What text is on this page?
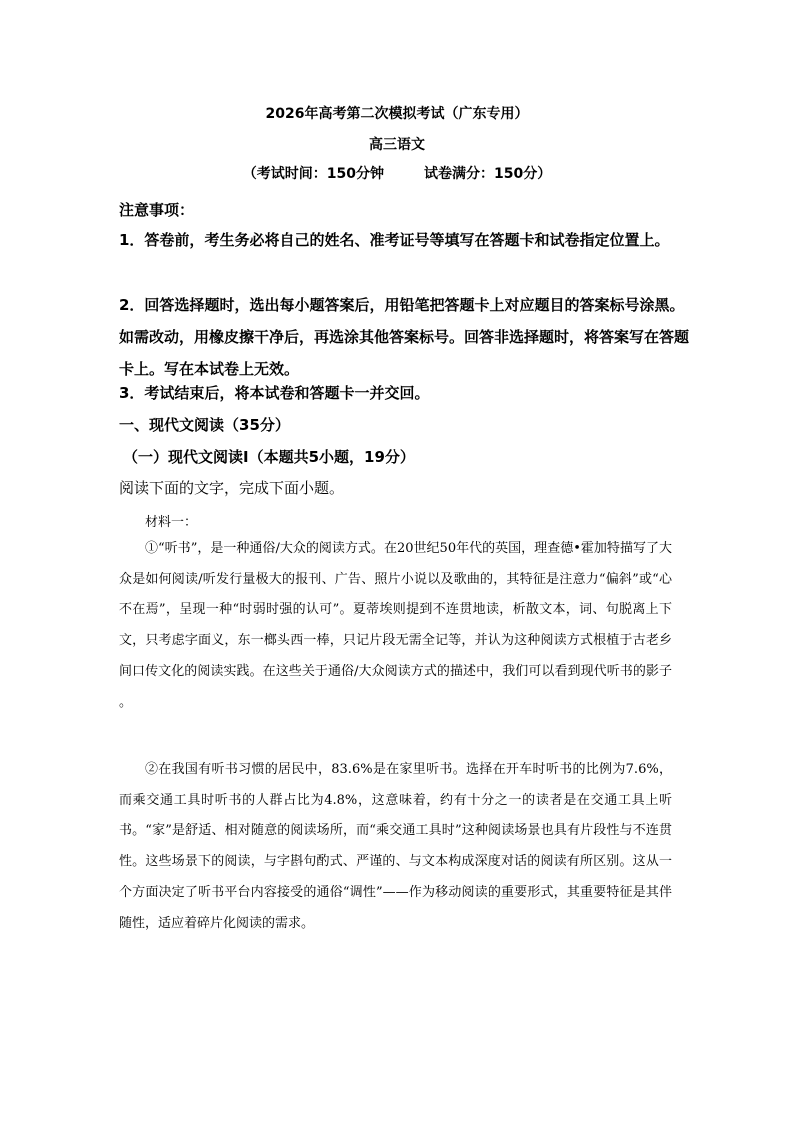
2026年高考第二次模拟考试（广东专用）
高三语文
（考试时间：150分钟	试卷满分：150分）
注意事项：

1．答卷前，考生务必将自己的姓名、准考证号等填写在答题卡和试卷指定位置上。

2．回答选择题时，选出每小题答案后，用铅笔把答题卡上对应题目的答案标号涂黑。如需改动，用橡皮擦干净后，再选涂其他答案标号。回答非选择题时，将答案写在答题卡上。写在本试卷上无效。

3．考试结束后，将本试卷和答题卡一并交回。

一、现代文阅读（35分）
（一）现代文阅读Ⅰ（本题共5小题，19分）
阅读下面的文字，完成下面小题。

材料一：

①“听书”，是一种通俗/大众的阅读方式。在20世纪50年代的英国，理查德•霍加特描写了大众是如何阅读/听发行量极大的报刊、广告、照片小说以及歌曲的，其特征是注意力“偏斜”或“心不在焉”，呈现一种“时弱时强的认可”。夏蒂埃则提到不连贯地读，析散文本，词、句脱离上下文，只考虑字面义，东一榔头西一棒，只记片段无需全记等，并认为这种阅读方式根植于古老乡间口传文化的阅读实践。在这些关于通俗/大众阅读方式的描述中，我们可以看到现代听书的影子 。

②在我国有听书习惯的居民中，83.6%是在家里听书。选择在开车时听书的比例为7.6%，而乘交通工具时听书的人群占比为4.8%，这意味着，约有十分之一的读者是在交通工具上听书。“家”是舒适、相对随意的阅读场所，而“乘交通工具时”这种阅读场景也具有片段性与不连贯性。这些场景下的阅读，与字斟句酌式、严谨的、与文本构成深度对话的阅读有所区别。这从一个方面决定了听书平台内容接受的通俗“调性”——作为移动阅读的重要形式，其重要特征是其伴随性，适应着碎片化阅读的需求。
